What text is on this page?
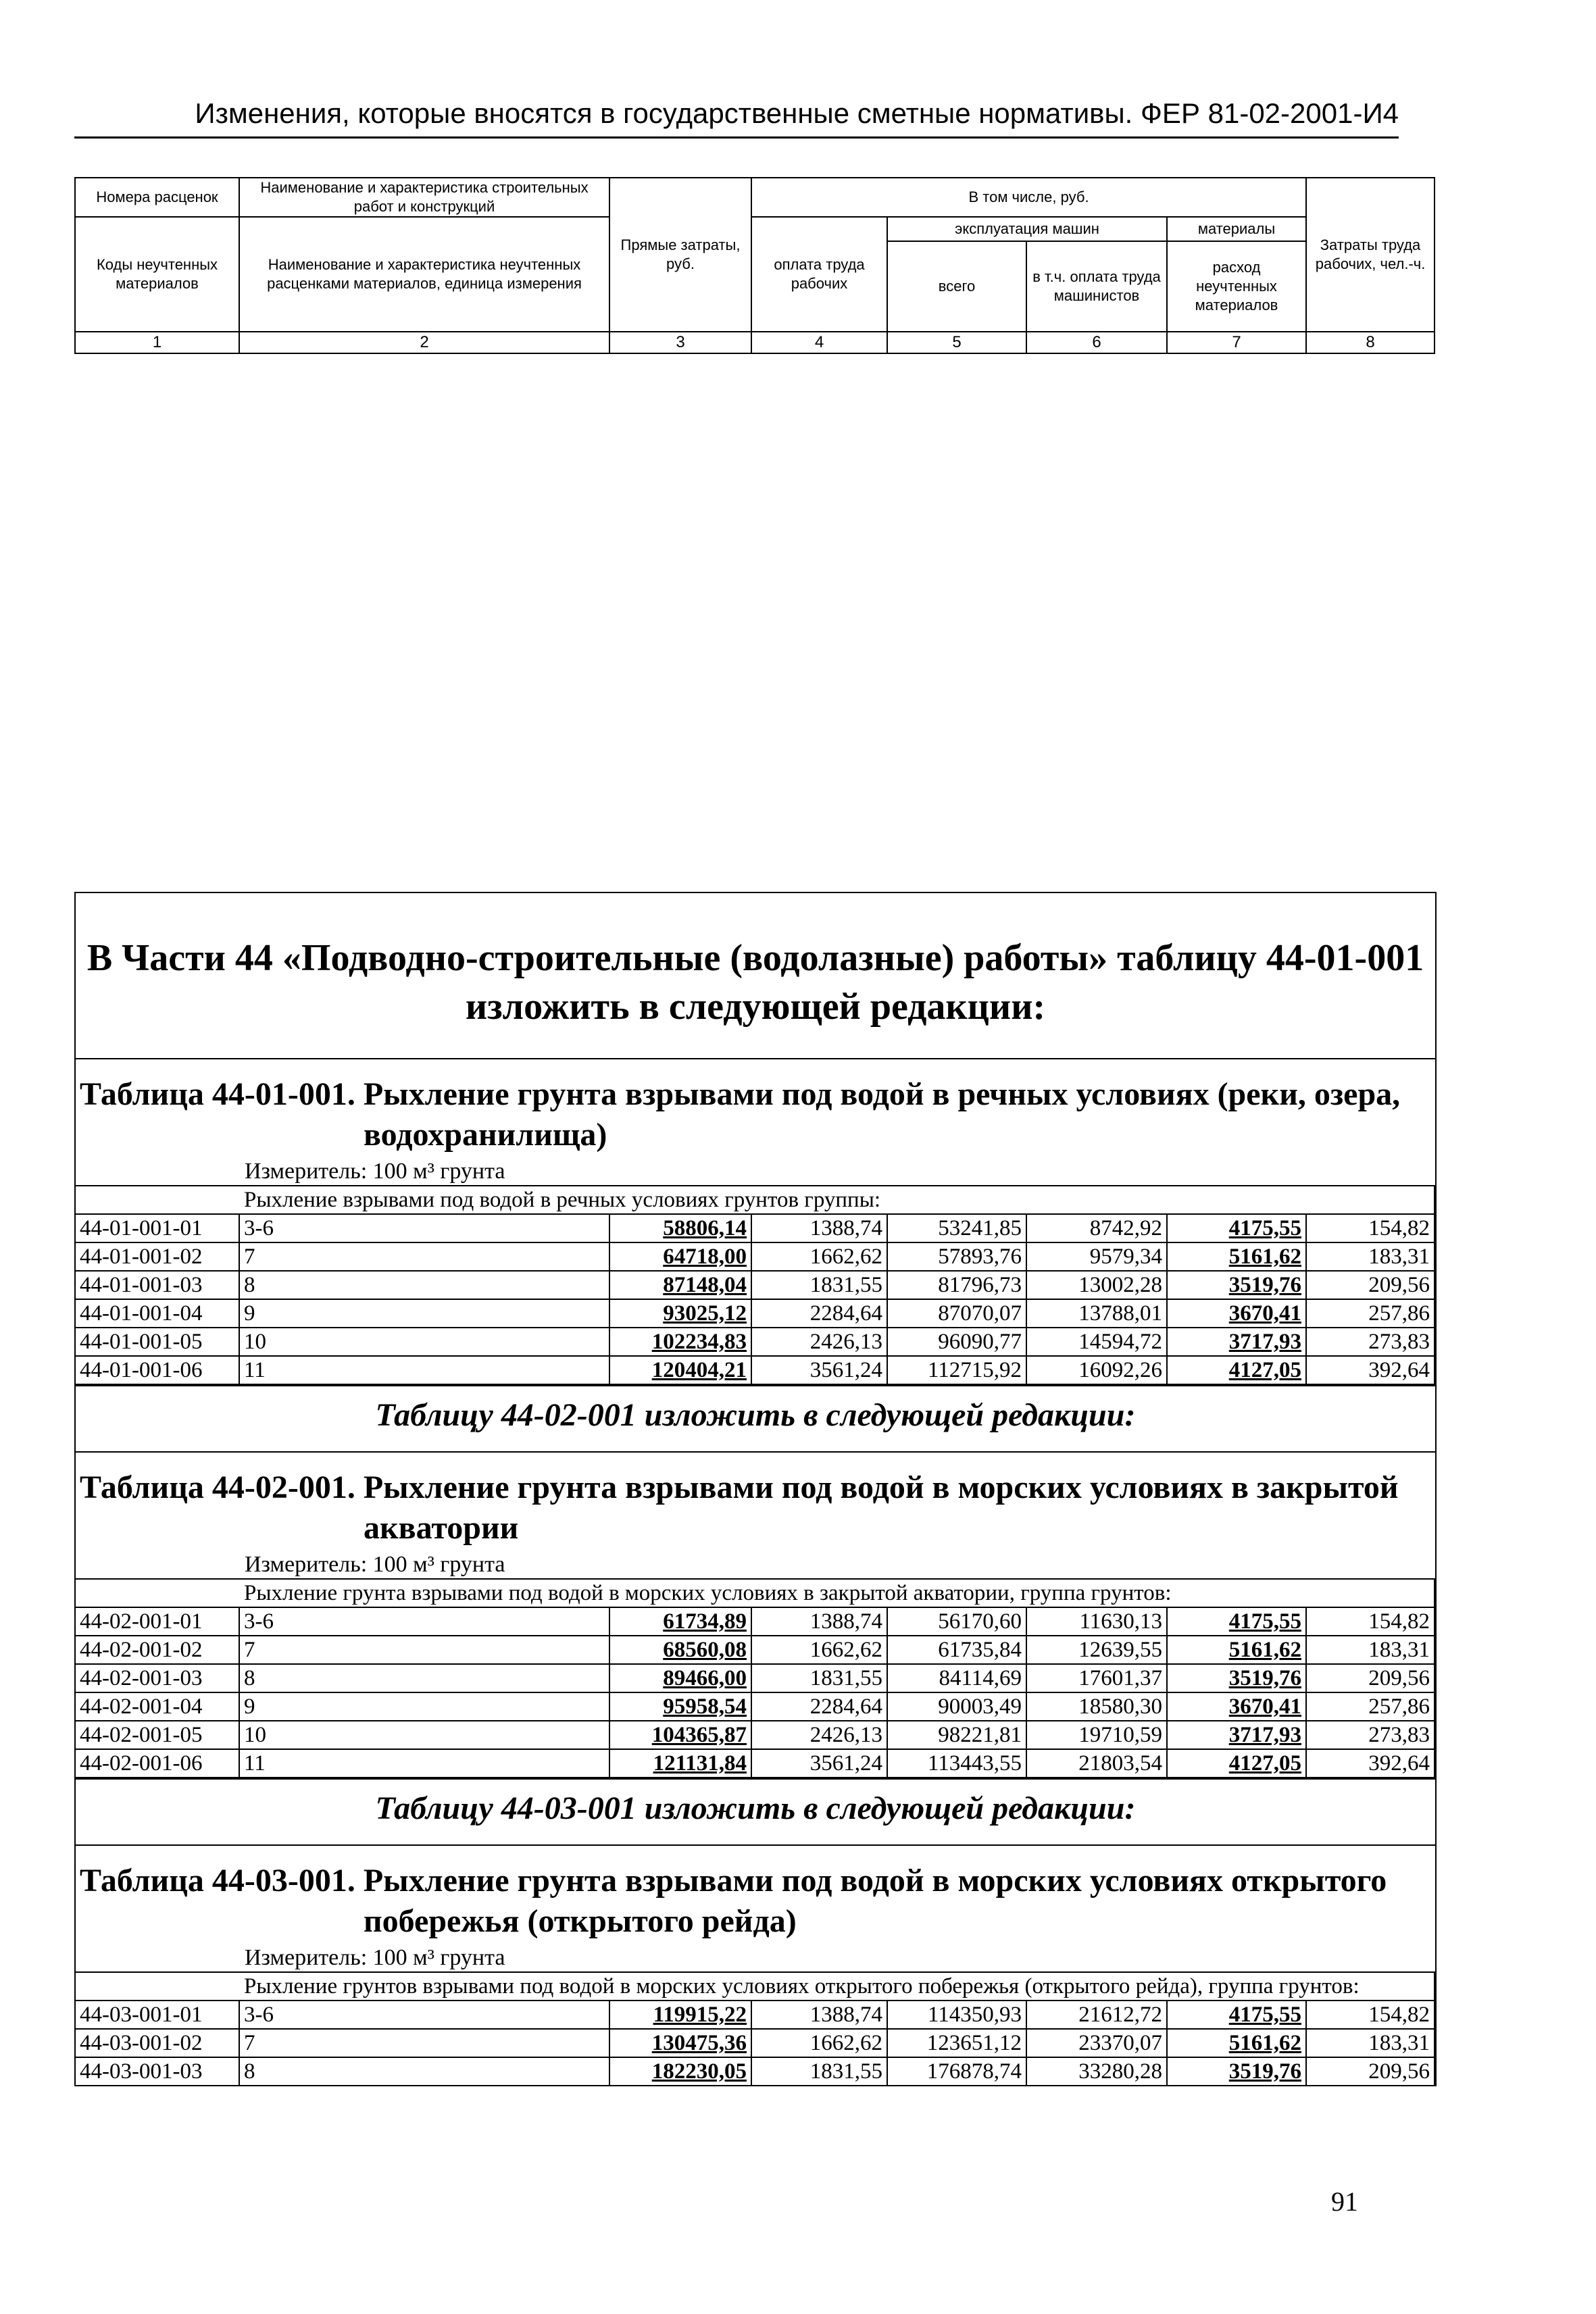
Изменения, которые вносятся в государственные сметные нормативы. ФЕР 81-02-2001-И4
Номера расценок	Наименование и характеристика строительных работ и конструкций	Прямые затраты, руб.	В том числе, руб.				Затраты труда рабочих, чел.-ч.
Коды неучтенных материалов	Наименование и характеристика неучтенных расценками материалов, единица измерения		оплата труда рабочих	эксплуатация машин		материалы	
				всего	в т.ч. оплата труда машинистов	расход неучтенных материалов	
1	2	3	4	5	6	7	8
В Части 44 «Подводно-строительные (водолазные) работы» таблицу 44-01-001 изложить в следующей редакции:
Таблица 44-01-001. Рыхление грунта взрывами под водой в речных условиях (реки, озера,
водохранилища)
Измеритель: 100 м³ грунта
Рыхление взрывами под водой в речных условиях грунтов группы:							
44-01-001-01	3-6	58806,14	1388,74	53241,85	8742,92	4175,55	154,82
44-01-001-02	7	64718,00	1662,62	57893,76	9579,34	5161,62	183,31
44-01-001-03	8	87148,04	1831,55	81796,73	13002,28	3519,76	209,56
44-01-001-04	9	93025,12	2284,64	87070,07	13788,01	3670,41	257,86
44-01-001-05	10	102234,83	2426,13	96090,77	14594,72	3717,93	273,83
44-01-001-06	11	120404,21	3561,24	112715,92	16092,26	4127,05	392,64
Таблицу 44-02-001 изложить в следующей редакции:
Таблица 44-02-001. Рыхление грунта взрывами под водой в морских условиях в закрытой
акватории
Измеритель: 100 м³ грунта
Рыхление грунта взрывами под водой в морских условиях в закрытой акватории, группа грунтов:							
44-02-001-01	3-6	61734,89	1388,74	56170,60	11630,13	4175,55	154,82
44-02-001-02	7	68560,08	1662,62	61735,84	12639,55	5161,62	183,31
44-02-001-03	8	89466,00	1831,55	84114,69	17601,37	3519,76	209,56
44-02-001-04	9	95958,54	2284,64	90003,49	18580,30	3670,41	257,86
44-02-001-05	10	104365,87	2426,13	98221,81	19710,59	3717,93	273,83
44-02-001-06	11	121131,84	3561,24	113443,55	21803,54	4127,05	392,64
Таблицу 44-03-001 изложить в следующей редакции:
Таблица 44-03-001. Рыхление грунта взрывами под водой в морских условиях открытого
побережья (открытого рейда)
Измеритель: 100 м³ грунта
Рыхление грунтов взрывами под водой в морских условиях открытого побережья (открытого рейда), группа грунтов:							
44-03-001-01	3-6	119915,22	1388,74	114350,93	21612,72	4175,55	154,82
44-03-001-02	7	130475,36	1662,62	123651,12	23370,07	5161,62	183,31
44-03-001-03	8	182230,05	1831,55	176878,74	33280,28	3519,76	209,56
91
